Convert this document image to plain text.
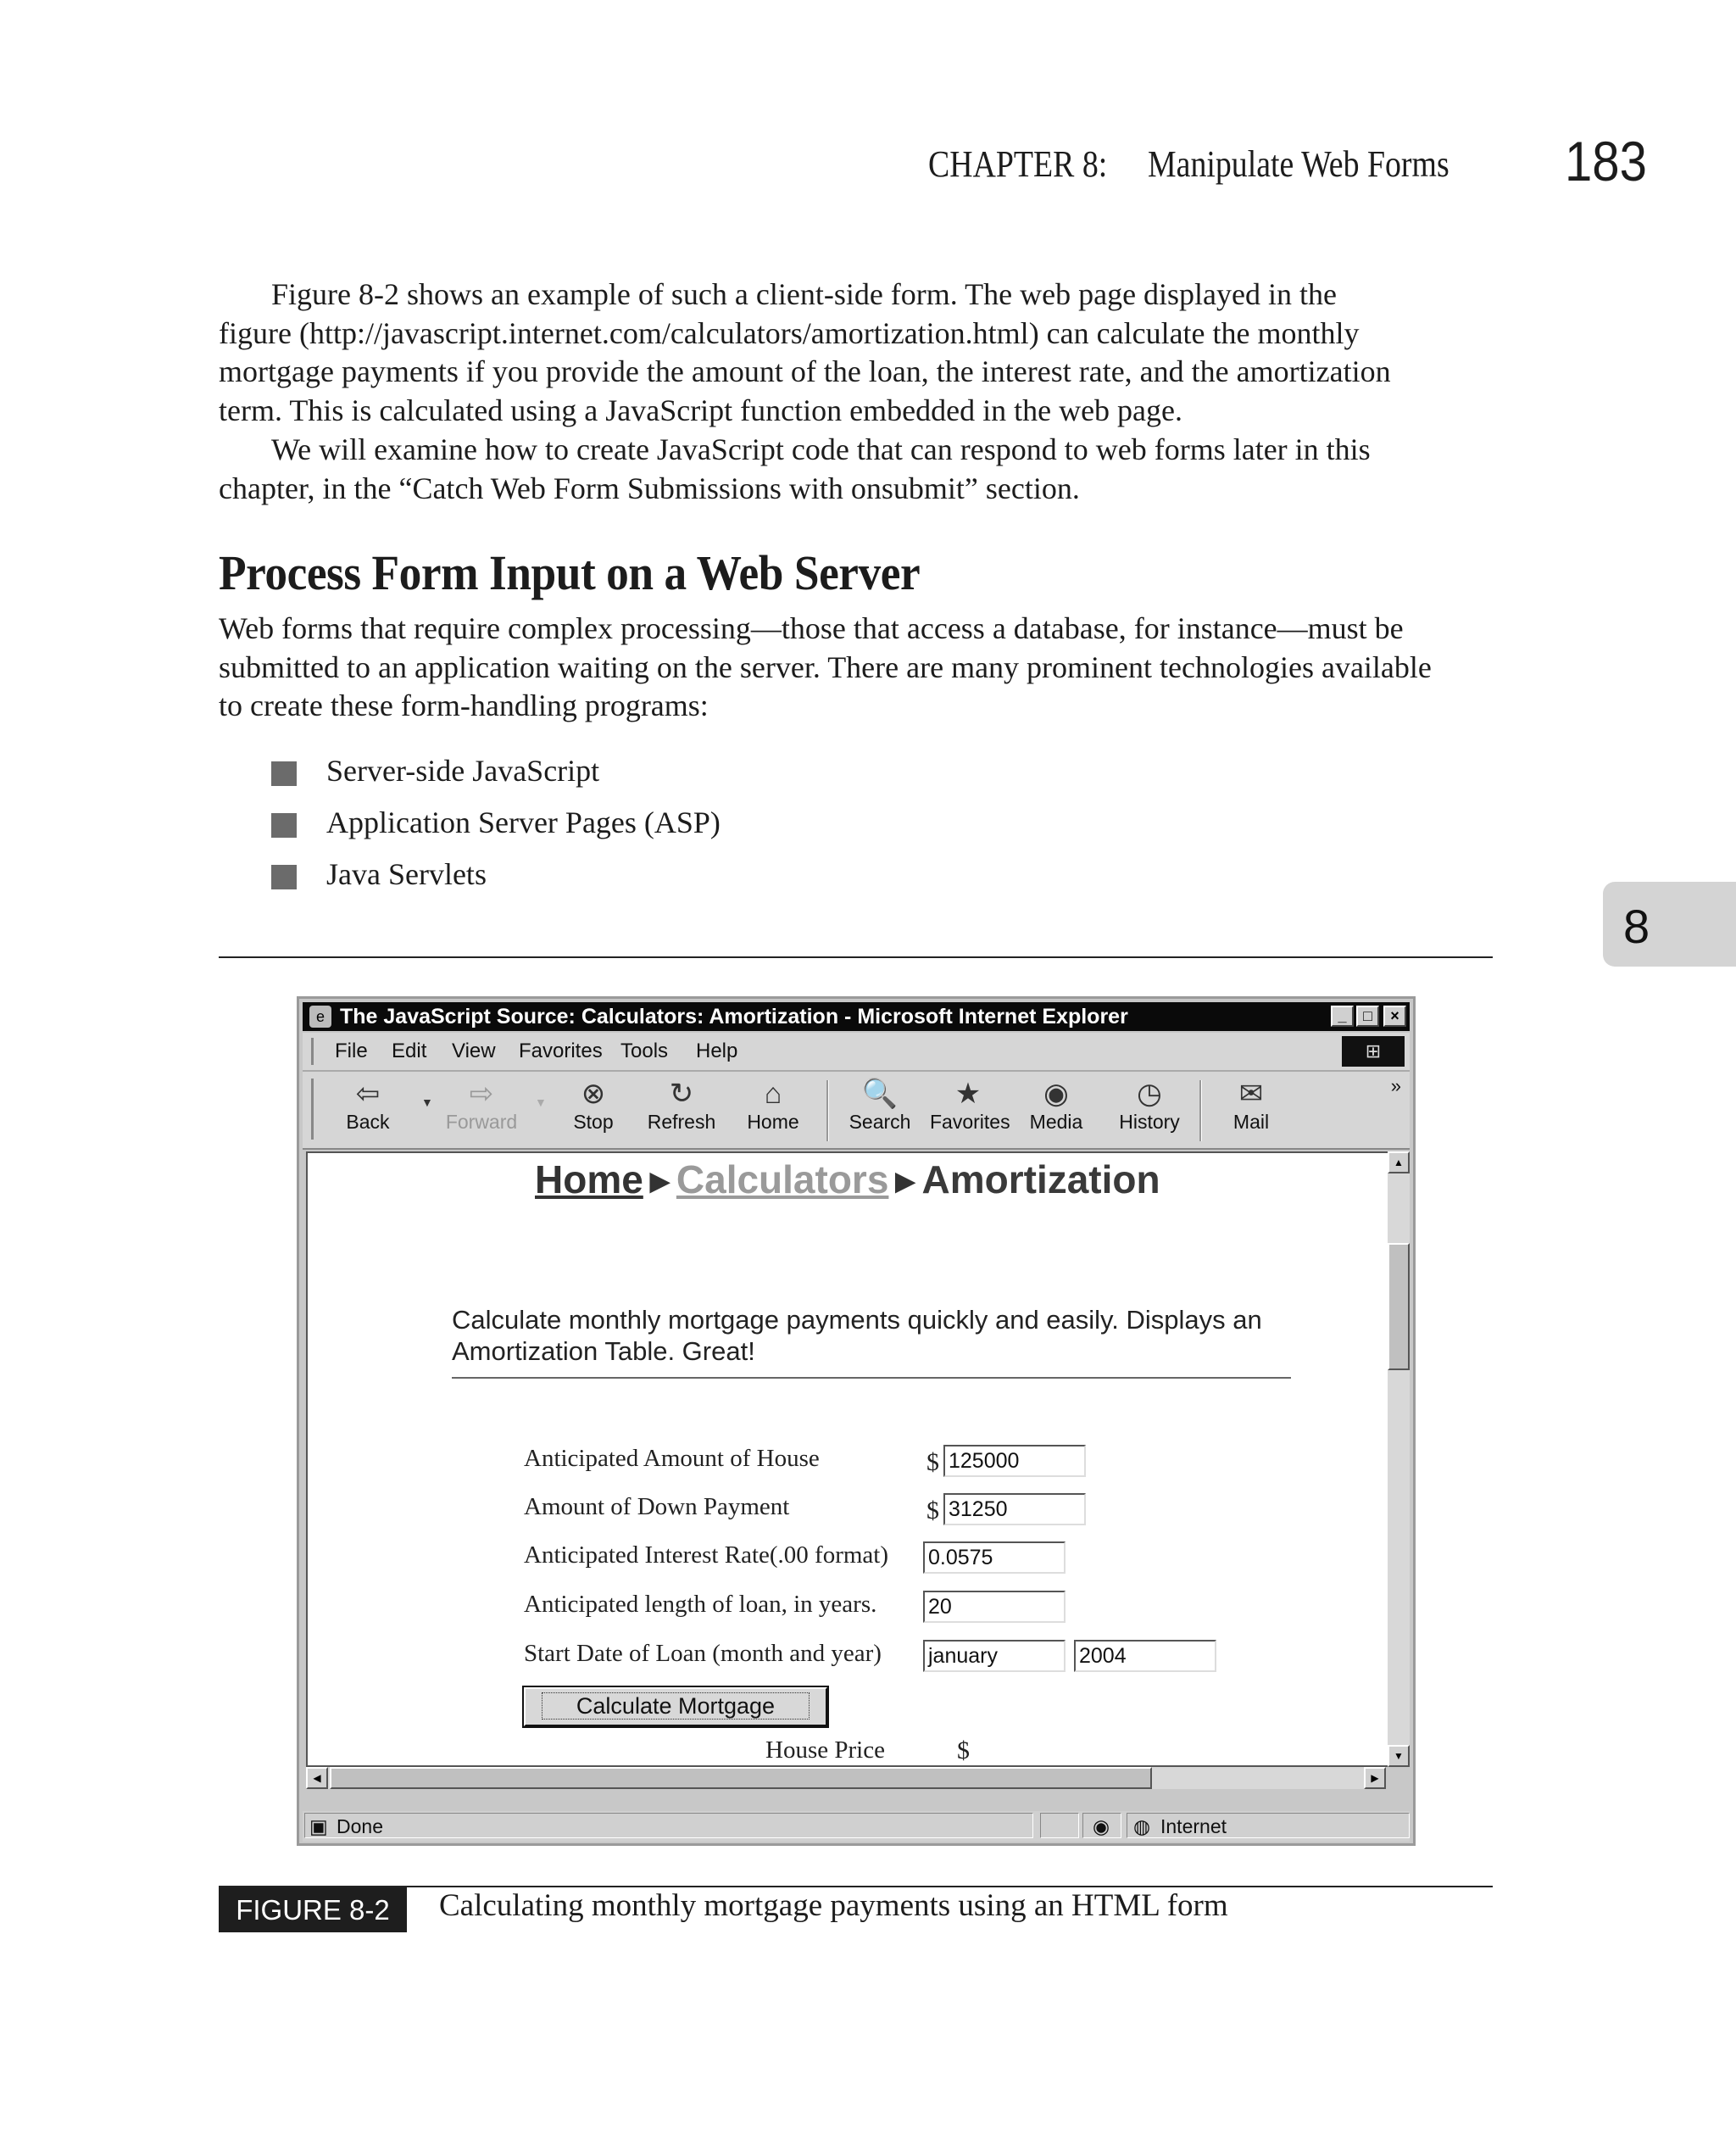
CHAPTER 8: Manipulate Web Forms 183
Figure 8-2 shows an example of such a client-side form. The web page displayed in the
figure (http://javascript.internet.com/calculators/amortization.html) can calculate the monthly
mortgage payments if you provide the amount of the loan, the interest rate, and the amortization
term. This is calculated using a JavaScript function embedded in the web page.
We will examine how to create JavaScript code that can respond to web forms later in this
chapter, in the “Catch Web Form Submissions with onsubmit” section.
Process Form Input on a Web Server
Web forms that require complex processing—those that access a database, for instance—must be
submitted to an application waiting on the server. There are many prominent technologies available
to create these form-handling programs:
Server-side JavaScript
Application Server Pages (ASP)
Java Servlets
8
e The JavaScript Source: Calculators: Amortization - Microsoft Internet Explorer	_	□	×
File Edit View Favorites Tools Help	⊞
⇦
Back
▼ ⇨
Forward
▼ ⊗
Stop
↻
Refresh
⌂
Home
🔍
Search
★
Favorites
◉
Media
◷
History
✉
Mail
»
Home ▶ Calculators ▶ Amortization
Calculate monthly mortgage payments quickly and easily. Displays an Amortization Table. Great!
Anticipated Amount of House	$ 125000
Amount of Down Payment	$ 31250
Anticipated Interest Rate(.00 format) 0.0575
Anticipated length of loan, in years. 20
Start Date of Loan (month and year) january	2004
Calculate Mortgage
House Price	$
▲
▼
◀	▶
▣ Done	◉ ◍ Internet
FIGURE 8-2	Calculating monthly mortgage payments using an HTML form
